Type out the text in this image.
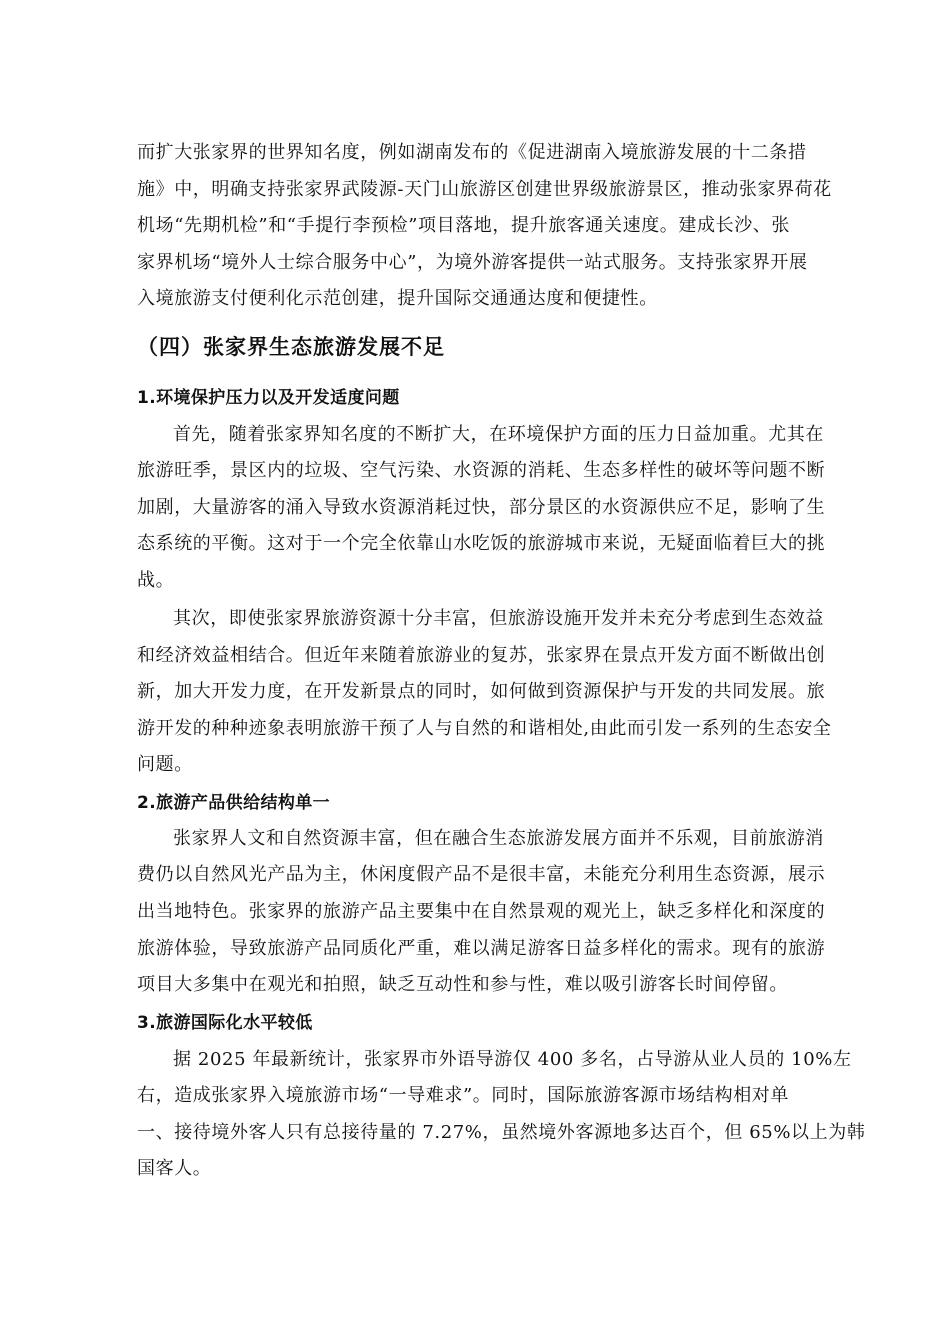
而扩大张家界的世界知名度，例如湖南发布的《促进湖南入境旅游发展的十二条措
施》中，明确支持张家界武陵源-天门山旅游区创建世界级旅游景区，推动张家界荷花
机场“先期机检”和“手提行李预检”项目落地，提升旅客通关速度。建成长沙、张
家界机场“境外人士综合服务中心”，为境外游客提供一站式服务。支持张家界开展
入境旅游支付便利化示范创建，提升国际交通通达度和便捷性。
（四）张家界生态旅游发展不足
1.环境保护压力以及开发适度问题
首先，随着张家界知名度的不断扩大，在环境保护方面的压力日益加重。尤其在
旅游旺季，景区内的垃圾、空气污染、水资源的消耗、生态多样性的破坏等问题不断
加剧，大量游客的涌入导致水资源消耗过快，部分景区的水资源供应不足，影响了生
态系统的平衡。这对于一个完全依靠山水吃饭的旅游城市来说，无疑面临着巨大的挑
战。
其次，即使张家界旅游资源十分丰富，但旅游设施开发并未充分考虑到生态效益
和经济效益相结合。但近年来随着旅游业的复苏，张家界在景点开发方面不断做出创
新，加大开发力度，在开发新景点的同时，如何做到资源保护与开发的共同发展。旅
游开发的种种迹象表明旅游干预了人与自然的和谐相处,由此而引发一系列的生态安全
问题。
2.旅游产品供给结构单一
张家界人文和自然资源丰富，但在融合生态旅游发展方面并不乐观，目前旅游消
费仍以自然风光产品为主，休闲度假产品不是很丰富，未能充分利用生态资源，展示
出当地特色。张家界的旅游产品主要集中在自然景观的观光上，缺乏多样化和深度的
旅游体验，导致旅游产品同质化严重，难以满足游客日益多样化的需求。现有的旅游
项目大多集中在观光和拍照，缺乏互动性和参与性，难以吸引游客长时间停留。
3.旅游国际化水平较低
据 2025 年最新统计，张家界市外语导游仅 400 多名，占导游从业人员的 10%左
右，造成张家界入境旅游市场“一导难求”。同时，国际旅游客源市场结构相对单
一、接待境外客人只有总接待量的 7.27%，虽然境外客源地多达百个，但 65%以上为韩
国客人。
